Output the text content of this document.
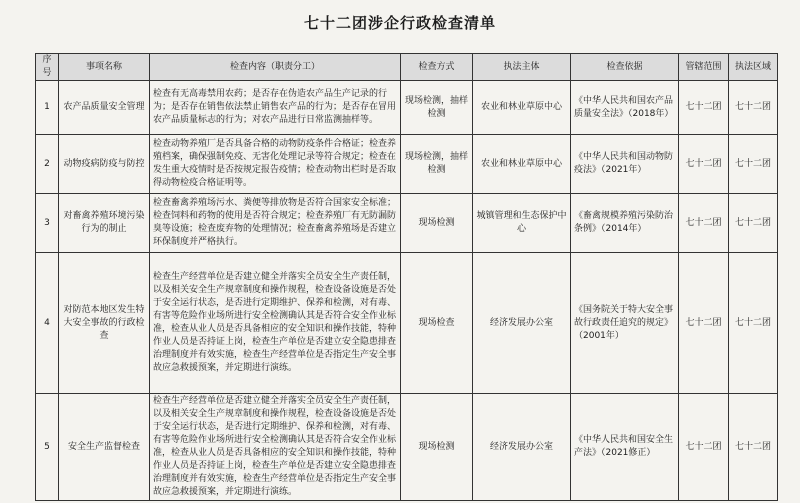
七十二团涉企行政检查清单
序号	事项名称	检查内容（职责分工）	检查方式	执法主体	检查依据	管辖范围	执法区域
1	农产品质量安全管理	检查有无高毒禁用农药；是否存在伪造农产品生产记录的行为；是否存在销售依法禁止销售农产品的行为；是否存在冒用农产品质量标志的行为；对农产品进行日常监测抽样等。	现场检测，抽样检测	农业和林业草原中心	《中华人民共和国农产品质量安全法》（2018年）	七十二团	七十二团
2	动物疫病防疫与防控	检查动物养殖厂是否具备合格的动物防疫条件合格证；检查养殖档案，确保强制免疫、无害化处理记录等符合规定；检查在发生重大疫情时是否按规定报告疫情；检查动物出栏时是否取得动物检疫合格证明等。	现场检测，抽样检测	农业和林业草原中心	《中华人民共和国动物防疫法》（2021年）	七十二团	七十二团
3	对畜禽养殖环境污染行为的制止	检查畜禽养殖场污水、粪便等排放物是否符合国家安全标准；检查饲料和药物的使用是否符合规定；检查养殖厂有无防漏防臭等设施；检查废弃物的处理情况；检查畜禽养殖场是否建立环保制度并严格执行。	现场检测	城镇管理和生态保护中心	《畜禽规模养殖污染防治条例》（2014年）	七十二团	七十二团
4	对防范本地区发生特大安全事故的行政检查	检查生产经营单位是否建立健全并落实全员安全生产责任制，以及相关安全生产规章制度和操作规程，检查设备设施是否处于安全运行状态，是否进行定期维护、保养和检测，对有毒、有害等危险作业场所进行安全检测确认其是否符合安全作业标准，检查从业人员是否具备相应的安全知识和操作技能，特种作业人员是否持证上岗，检查生产单位是否建立安全隐患排查治理制度并有效实施，检查生产经营单位是否指定生产安全事故应急救援预案，并定期进行演练。	现场检查	经济发展办公室	《国务院关于特大安全事故行政责任追究的规定》（2001年）	七十二团	七十二团
5	安全生产监督检查	检查生产经营单位是否建立健全并落实全员安全生产责任制，以及相关安全生产规章制度和操作规程，检查设备设施是否处于安全运行状态，是否进行定期维护、保养和检测，对有毒、有害等危险作业场所进行安全检测确认其是否符合安全作业标准，检查从业人员是否具备相应的安全知识和操作技能，特种作业人员是否持证上岗，检查生产单位是否建立安全隐患排查治理制度并有效实施，检查生产经营单位是否指定生产安全事故应急救援预案，并定期进行演练。	现场检测	经济发展办公室	《中华人民共和国安全生产法》（2021修正）	七十二团	七十二团
